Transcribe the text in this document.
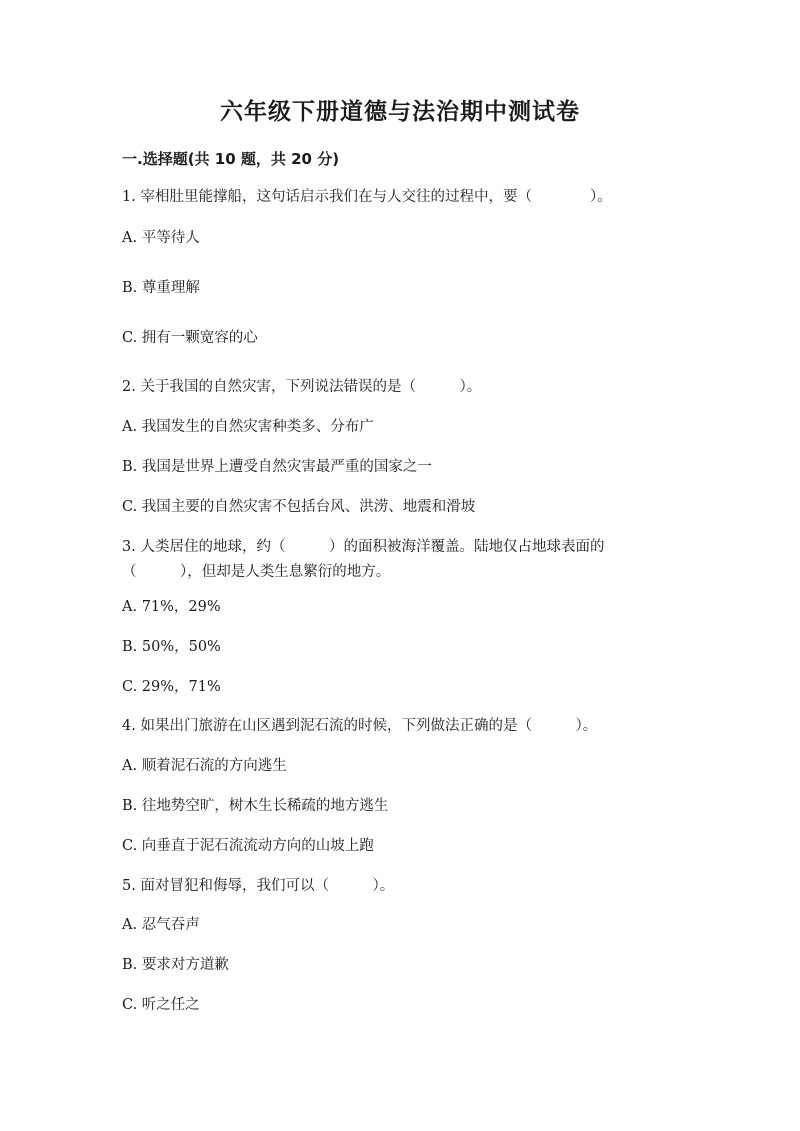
六年级下册道德与法治期中测试卷
一.选择题(共 10 题，共 20 分)
1. 宰相肚里能撑船，这句话启示我们在与人交往的过程中，要（　　　　）。
A. 平等待人
B. 尊重理解
C. 拥有一颗宽容的心
2. 关于我国的自然灾害，下列说法错误的是（　　　）。
A. 我国发生的自然灾害种类多、分布广
B. 我国是世界上遭受自然灾害最严重的国家之一
C. 我国主要的自然灾害不包括台风、洪涝、地震和滑坡
3. 人类居住的地球，约（　　　）的面积被海洋覆盖。陆地仅占地球表面的（　　　），但却是人类生息繁衍的地方。
A. 71%，29%
B. 50%，50%
C. 29%，71%
4. 如果出门旅游在山区遇到泥石流的时候，下列做法正确的是（　　　）。
A. 顺着泥石流的方向逃生
B. 往地势空旷，树木生长稀疏的地方逃生
C. 向垂直于泥石流流动方向的山坡上跑
5. 面对冒犯和侮辱，我们可以（　　　）。
A. 忍气吞声
B. 要求对方道歉
C. 听之任之
